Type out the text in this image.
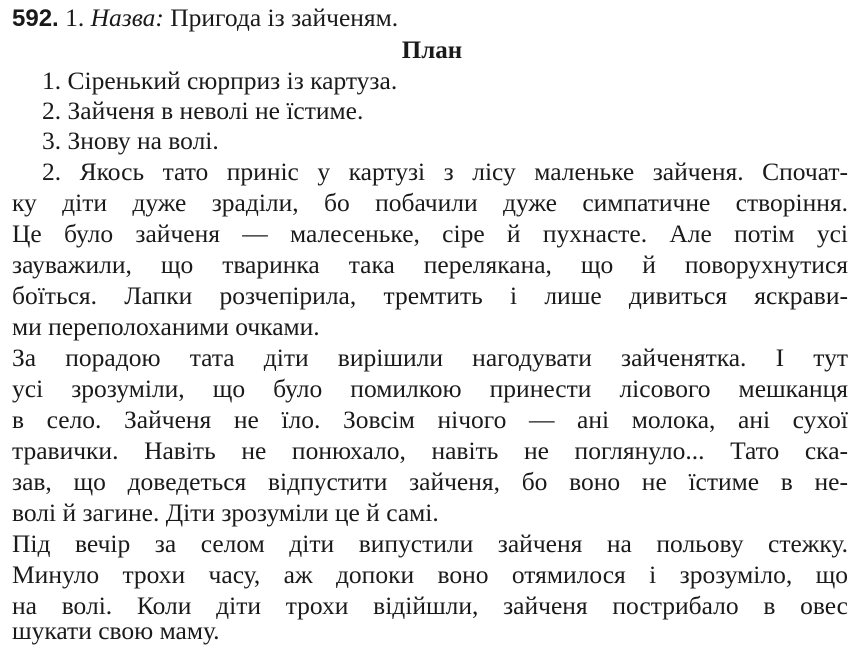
592. 1. Назва: Пригода із зайченям.
План
1. Сіренький сюрприз із картуза.
2. Зайченя в неволі не їстиме.
3. Знову на волі.
2. Якось тато приніс у картузі з лісу маленьке зайченя. Спочат-
ку діти дуже зраділи, бо побачили дуже симпатичне створіння.
Це було зайченя — малесеньке, сіре й пухнасте. Але потім усі
зауважили, що тваринка така перелякана, що й поворухнутися
боїться. Лапки розчепірила, тремтить і лише дивиться яскрави-
ми переполоханими очками.
За порадою тата діти вирішили нагодувати зайченятка. І тут
усі зрозуміли, що було помилкою принести лісового мешканця
в село. Зайченя не їло. Зовсім нічого — ані молока, ані сухої
травички. Навіть не понюхало, навіть не поглянуло... Тато ска-
зав, що доведеться відпустити зайченя, бо воно не їстиме в не-
волі й загине. Діти зрозуміли це й самі.
Під вечір за селом діти випустили зайченя на польову стежку.
Минуло трохи часу, аж допоки воно отямилося і зрозуміло, що
на волі. Коли діти трохи відійшли, зайченя пострибало в овес
шукати свою маму.
